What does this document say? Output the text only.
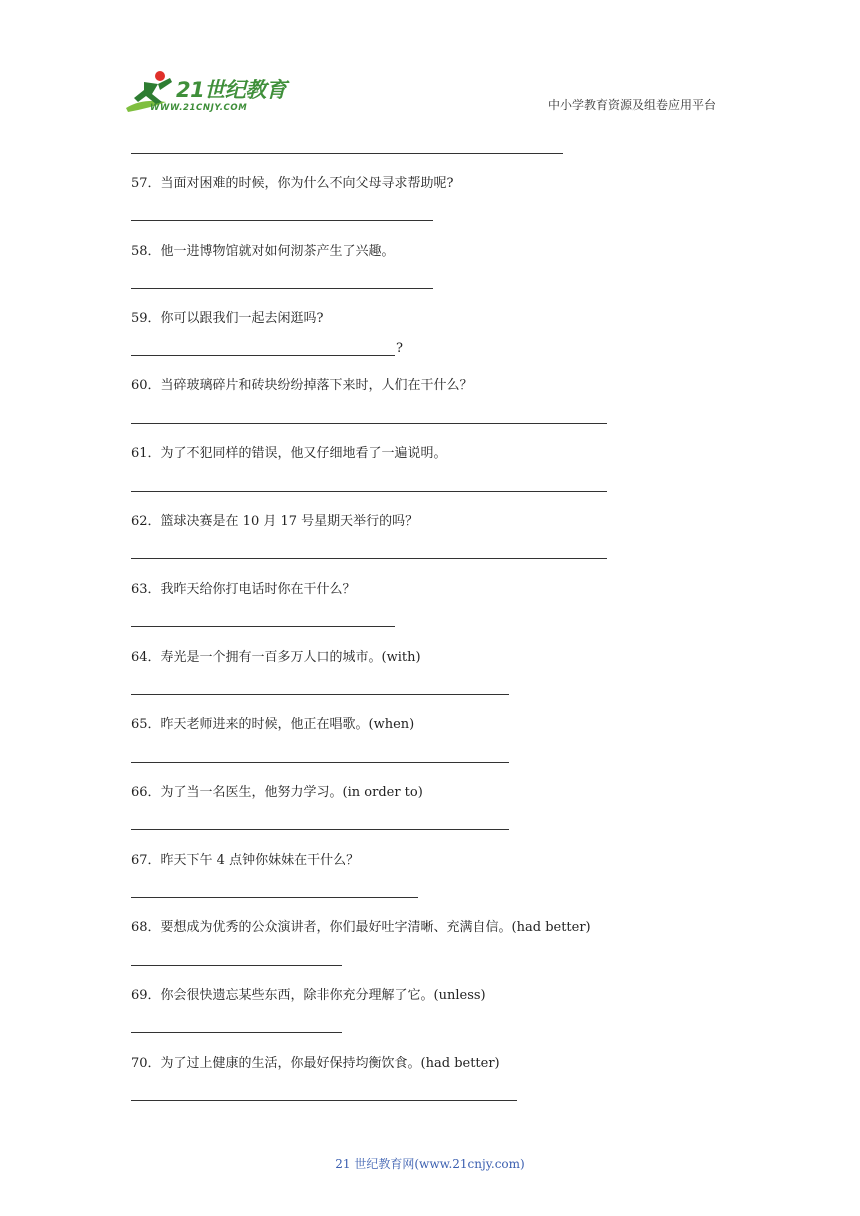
21世纪教育
WWW.21CNJY.COM	中小学教育资源及组卷应用平台
57．当面对困难的时候，你为什么不向父母寻求帮助呢?
58．他一进博物馆就对如何沏茶产生了兴趣。
59．你可以跟我们一起去闲逛吗?
?
60．当碎玻璃碎片和砖块纷纷掉落下来时，人们在干什么？
61．为了不犯同样的错误，他又仔细地看了一遍说明。
62．篮球决赛是在 10 月 17 号星期天举行的吗？
63．我昨天给你打电话时你在干什么？
64．寿光是一个拥有一百多万人口的城市。(with)
65．昨天老师进来的时候，他正在唱歌。(when)
66．为了当一名医生，他努力学习。(in order to)
67．昨天下午 4 点钟你妹妹在干什么？
68．要想成为优秀的公众演讲者，你们最好吐字清晰、充满自信。(had better)
69．你会很快遗忘某些东西，除非你充分理解了它。(unless)
70．为了过上健康的生活，你最好保持均衡饮食。(had better)
21 世纪教育网(www.21cnjy.com)
